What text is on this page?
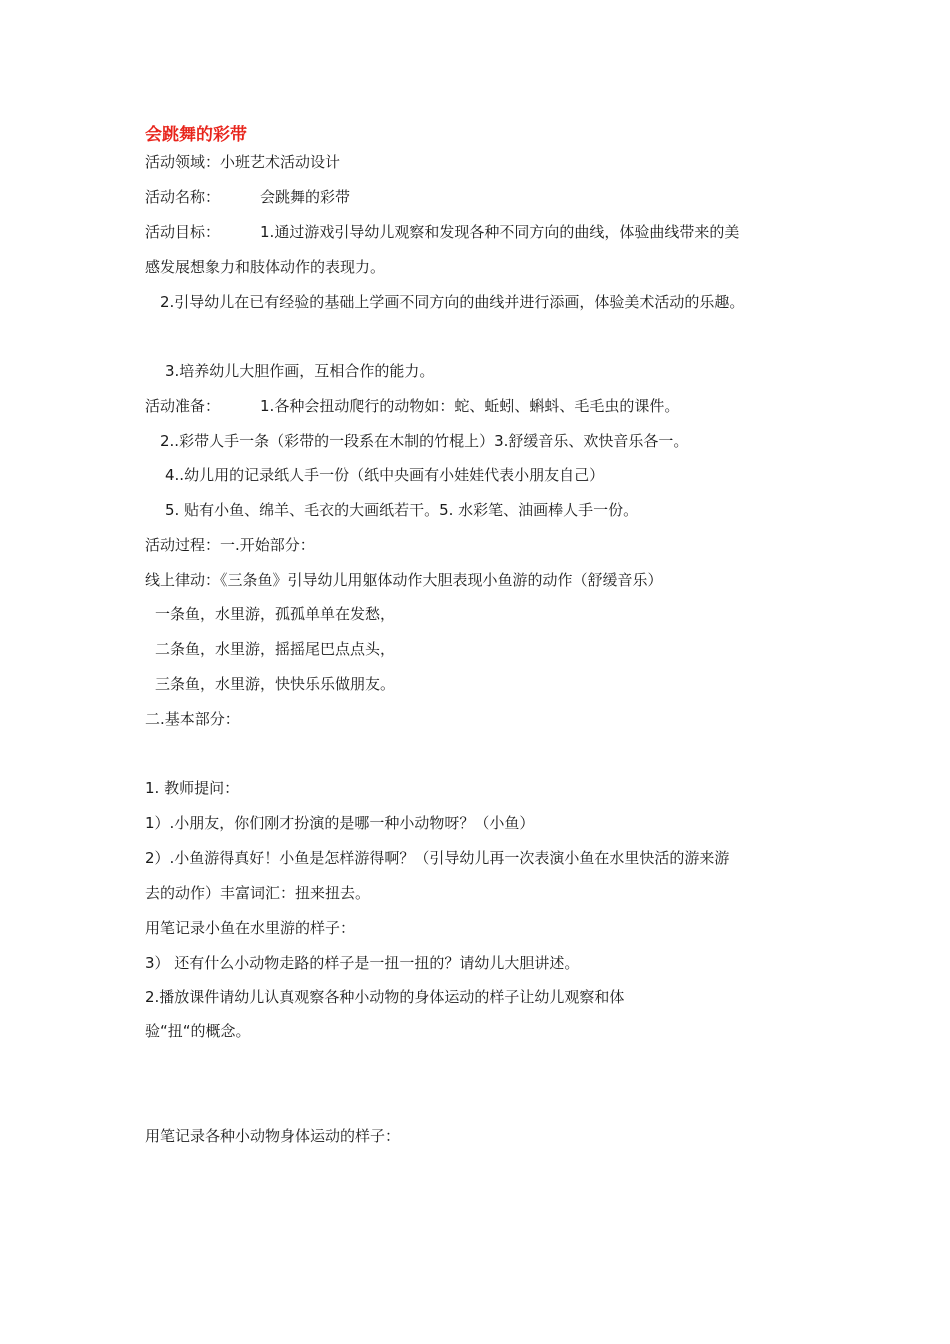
会跳舞的彩带
活动领域：小班艺术活动设计
活动名称：	会跳舞的彩带
活动目标：	1.通过游戏引导幼儿观察和发现各种不同方向的曲线，体验曲线带来的美
感发展想象力和肢体动作的表现力。
2.引导幼儿在已有经验的基础上学画不同方向的曲线并进行添画，体验美术活动的乐趣。
3.培养幼儿大胆作画，互相合作的能力。
活动准备：	1.各种会扭动爬行的动物如：蛇、蚯蚓、蝌蚪、毛毛虫的课件。
2..彩带人手一条（彩带的一段系在木制的竹棍上）3.舒缓音乐、欢快音乐各一。
4..幼儿用的记录纸人手一份（纸中央画有小娃娃代表小朋友自己）
5. 贴有小鱼、绵羊、毛衣的大画纸若干。5. 水彩笔、油画棒人手一份。
活动过程：一.开始部分：
线上律动：《三条鱼》引导幼儿用躯体动作大胆表现小鱼游的动作（舒缓音乐）
一条鱼，水里游，孤孤单单在发愁，
二条鱼，水里游，摇摇尾巴点点头，
三条鱼，水里游，快快乐乐做朋友。
二.基本部分：
1. 教师提问：
1）.小朋友，你们刚才扮演的是哪一种小动物呀？（小鱼）
2）.小鱼游得真好！小鱼是怎样游得啊？（引导幼儿再一次表演小鱼在水里快活的游来游
去的动作）丰富词汇：扭来扭去。
用笔记录小鱼在水里游的样子：
3） 还有什么小动物走路的样子是一扭一扭的？请幼儿大胆讲述。
2.播放课件请幼儿认真观察各种小动物的身体运动的样子让幼儿观察和体
验“扭“的概念。
用笔记录各种小动物身体运动的样子：
